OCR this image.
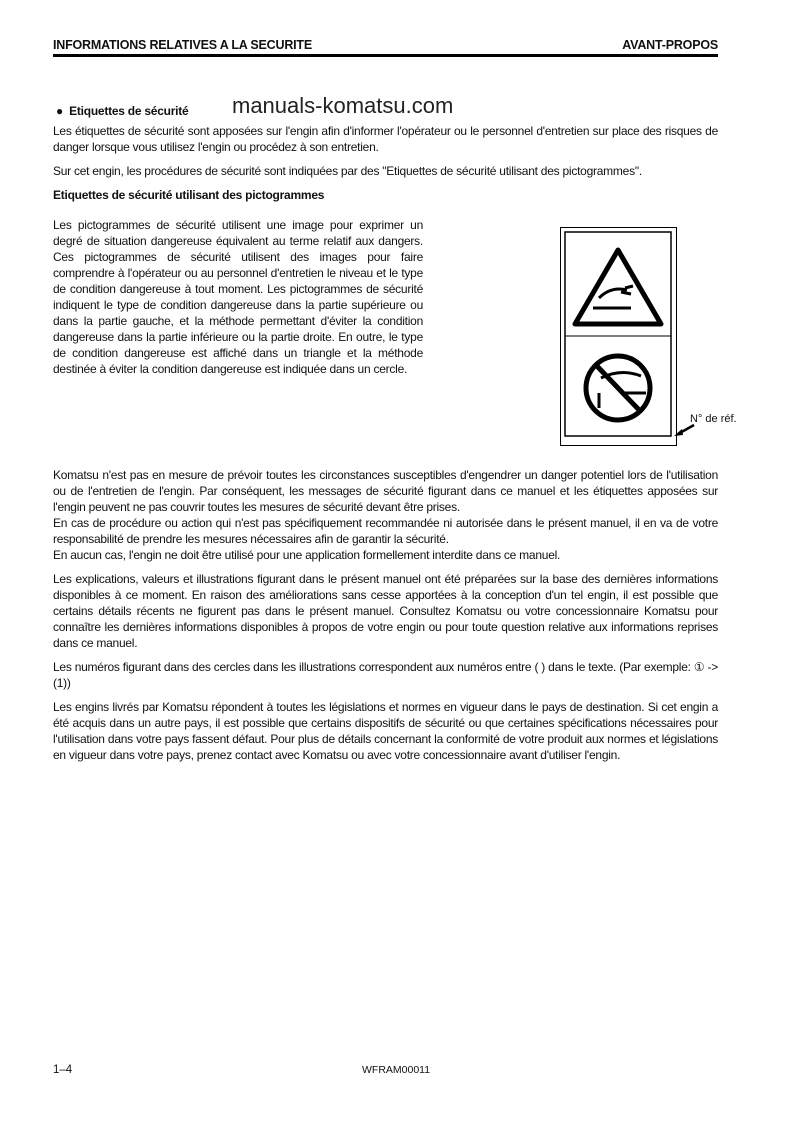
INFORMATIONS RELATIVES A LA SECURITE	AVANT-PROPOS
●  Etiquettes de sécurité manuals-komatsu.com

Les étiquettes de sécurité sont apposées sur l'engin afin d'informer l'opérateur ou le personnel d'entretien sur place des risques de danger lorsque vous utilisez l'engin ou procédez à son entretien.

Sur cet engin, les procédures de sécurité sont indiquées par des "Etiquettes de sécurité utilisant des pictogrammes".

Etiquettes de sécurité utilisant des pictogrammes

Les pictogrammes de sécurité utilisent une image pour exprimer un degré de situation dangereuse équivalent au terme relatif aux dangers. Ces pictogrammes de sécurité utilisent des images pour faire comprendre à l'opérateur ou au personnel d'entretien le niveau et le type de condition dangereuse à tout moment. Les pictogrammes de sécurité indiquent le type de condition dangereuse dans la partie supérieure ou dans la partie gauche, et la méthode permettant d'éviter la condition dangereuse dans la partie inférieure ou la partie droite. En outre, le type de condition dangereuse est affiché dans un triangle et la méthode destinée à éviter la condition dangereuse est indiquée dans un cercle.

N° de réf.
Komatsu n'est pas en mesure de prévoir toutes les circonstances susceptibles d'engendrer un danger potentiel lors de l'utilisation ou de l'entretien de l'engin. Par conséquent, les messages de sécurité figurant dans ce manuel et les étiquettes apposées sur l'engin peuvent ne pas couvrir toutes les mesures de sécurité devant être prises.
En cas de procédure ou action qui n'est pas spécifiquement recommandée ni autorisée dans le présent manuel, il en va de votre responsabilité de prendre les mesures nécessaires afin de garantir la sécurité.
En aucun cas, l'engin ne doit être utilisé pour une application formellement interdite dans ce manuel.

Les explications, valeurs et illustrations figurant dans le présent manuel ont été préparées sur la base des dernières informations disponibles à ce moment. En raison des améliorations sans cesse apportées à la conception d'un tel engin, il est possible que certains détails récents ne figurent pas dans le présent manuel. Consultez Komatsu ou votre concessionnaire Komatsu pour connaître les dernières informations disponibles à propos de votre engin ou pour toute question relative aux informations reprises dans ce manuel.

Les numéros figurant dans des cercles dans les illustrations correspondent aux numéros entre ( ) dans le texte. (Par exemple: ① -> (1))

Les engins livrés par Komatsu répondent à toutes les législations et normes en vigueur dans le pays de destination. Si cet engin a été acquis dans un autre pays, il est possible que certains dispositifs de sécurité ou que certaines spécifications nécessaires pour l'utilisation dans votre pays fassent défaut. Pour plus de détails concernant la conformité de votre produit aux normes et législations en vigueur dans votre pays, prenez contact avec Komatsu ou avec votre concessionnaire avant d'utiliser l'engin.

1–4	WFRAM00011
